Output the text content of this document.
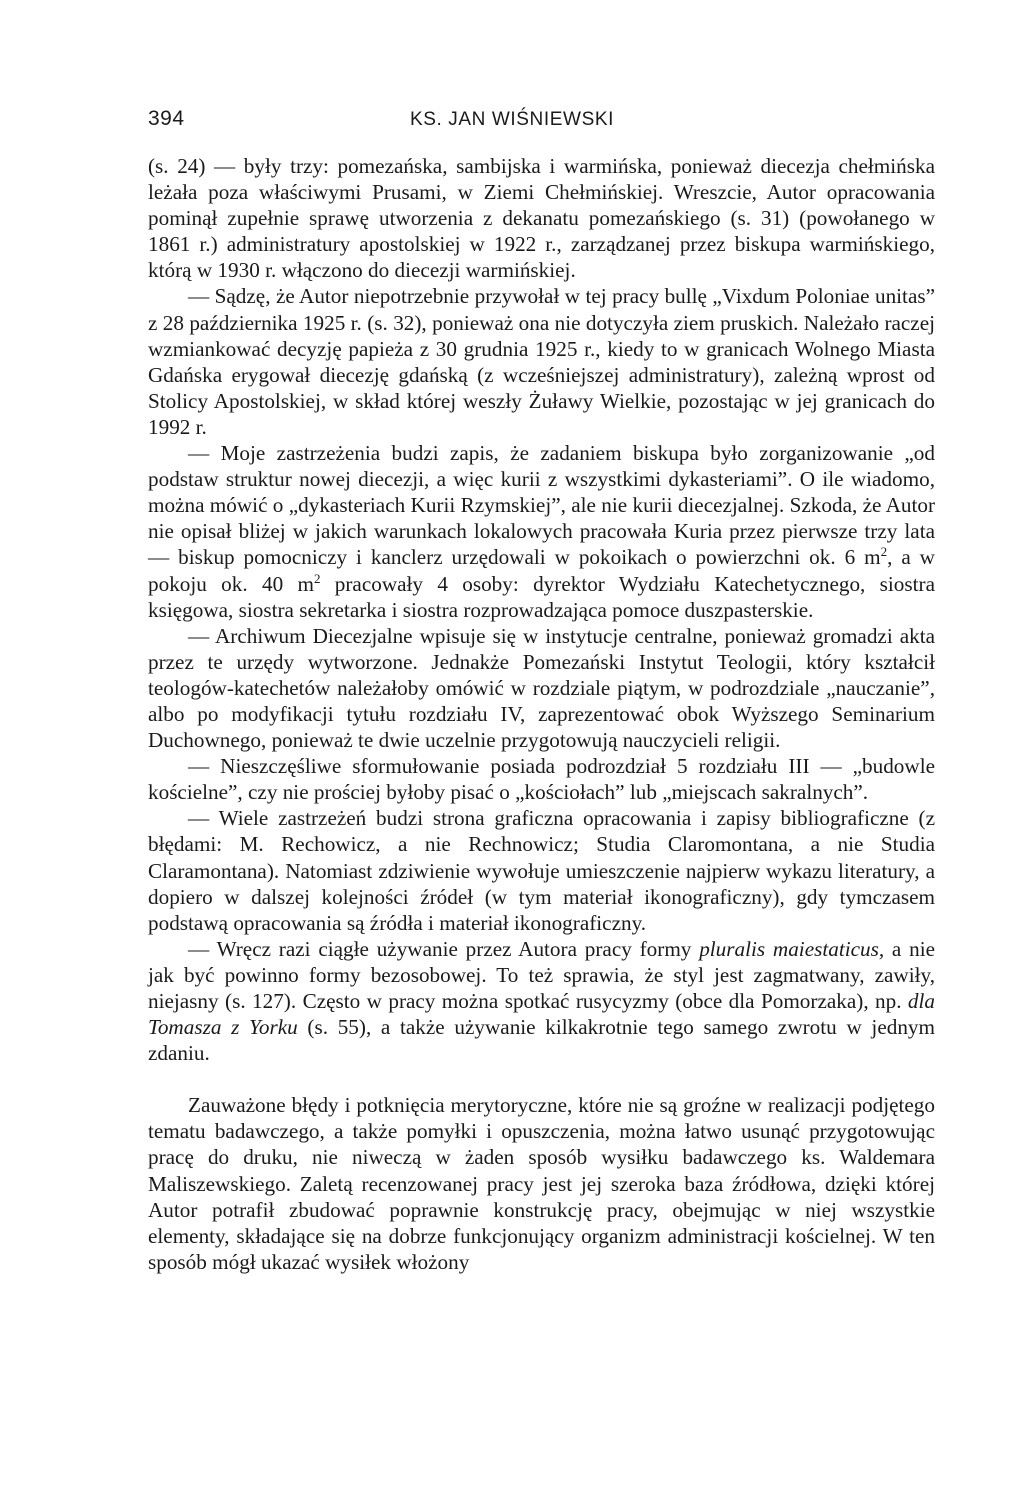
394	KS. JAN WIŚNIEWSKI

(s. 24) — były trzy: pomezańska, sambijska i warmińska, ponieważ diecezja chełmińska leżała poza właściwymi Prusami, w Ziemi Chełmińskiej. Wreszcie, Autor opracowania pominął zupełnie sprawę utworzenia z dekanatu pomezańskiego (s. 31) (powołanego w 1861 r.) administratury apostolskiej w 1922 r., zarządzanej przez biskupa warmińskiego, którą w 1930 r. włączono do diecezji warmińskiej.

— Sądzę, że Autor niepotrzebnie przywołał w tej pracy bullę „Vixdum Poloniae unitas” z 28 października 1925 r. (s. 32), ponieważ ona nie dotyczyła ziem pruskich. Należało raczej wzmiankować decyzję papieża z 30 grudnia 1925 r., kiedy to w granicach Wolnego Miasta Gdańska erygował diecezję gdańską (z wcześniejszej administratury), zależną wprost od Stolicy Apostolskiej, w skład której weszły Żuławy Wielkie, pozostając w jej granicach do 1992 r.

— Moje zastrzeżenia budzi zapis, że zadaniem biskupa było zorganizowanie „od podstaw struktur nowej diecezji, a więc kurii z wszystkimi dykasteriami”. O ile wiadomo, można mówić o „dykasteriach Kurii Rzymskiej”, ale nie kurii diecezjalnej. Szkoda, że Autor nie opisał bliżej w jakich warunkach lokalowych pracowała Kuria przez pierwsze trzy lata — biskup pomocniczy i kanclerz urzędowali w pokoikach o powierzchni ok. 6 $m^2$, a w pokoju ok. 40 $m^2$ pracowały 4 osoby: dyrektor Wydziału Katechetycznego, siostra księgowa, siostra sekretarka i siostra rozprowadzająca pomoce duszpasterskie.

— Archiwum Diecezjalne wpisuje się w instytucje centralne, ponieważ gromadzi akta przez te urzędy wytworzone. Jednakże Pomezański Instytut Teologii, który kształcił teologów-katechetów należałoby omówić w rozdziale piątym, w podrozdziale „nauczanie”, albo po modyfikacji tytułu rozdziału IV, zaprezentować obok Wyższego Seminarium Duchownego, ponieważ te dwie uczelnie przygotowują nauczycieli religii.

— Nieszczęśliwe sformułowanie posiada podrozdział 5 rozdziału III — „budowle kościelne”, czy nie prościej byłoby pisać o „kościołach” lub „miejscach sakralnych”.

— Wiele zastrzeżeń budzi strona graficzna opracowania i zapisy bibliograficzne (z błędami: M. Rechowicz, a nie Rechnowicz; Studia Claromontana, a nie Studia Claramontana). Natomiast zdziwienie wywołuje umieszczenie najpierw wykazu literatury, a dopiero w dalszej kolejności źródeł (w tym materiał ikonograficzny), gdy tymczasem podstawą opracowania są źródła i materiał ikonograficzny.

— Wręcz razi ciągłe używanie przez Autora pracy formy pluralis maiestaticus, a nie jak być powinno formy bezosobowej. To też sprawia, że styl jest zagmatwany, zawiły, niejasny (s. 127). Często w pracy można spotkać rusycyzmy (obce dla Pomorzaka), np. dla Tomasza z Yorku (s. 55), a także używanie kilkakrotnie tego samego zwrotu w jednym zdaniu.

Zauważone błędy i potknięcia merytoryczne, które nie są groźne w realizacji podjętego tematu badawczego, a także pomyłki i opuszczenia, można łatwo usunąć przygotowując pracę do druku, nie niweczą w żaden sposób wysiłku badawczego ks. Waldemara Maliszewskiego. Zaletą recenzowanej pracy jest jej szeroka baza źródłowa, dzięki której Autor potrafił zbudować poprawnie konstrukcję pracy, obejmując w niej wszystkie elementy, składające się na dobrze funkcjonujący organizm administracji kościelnej. W ten sposób mógł ukazać wysiłek włożony
